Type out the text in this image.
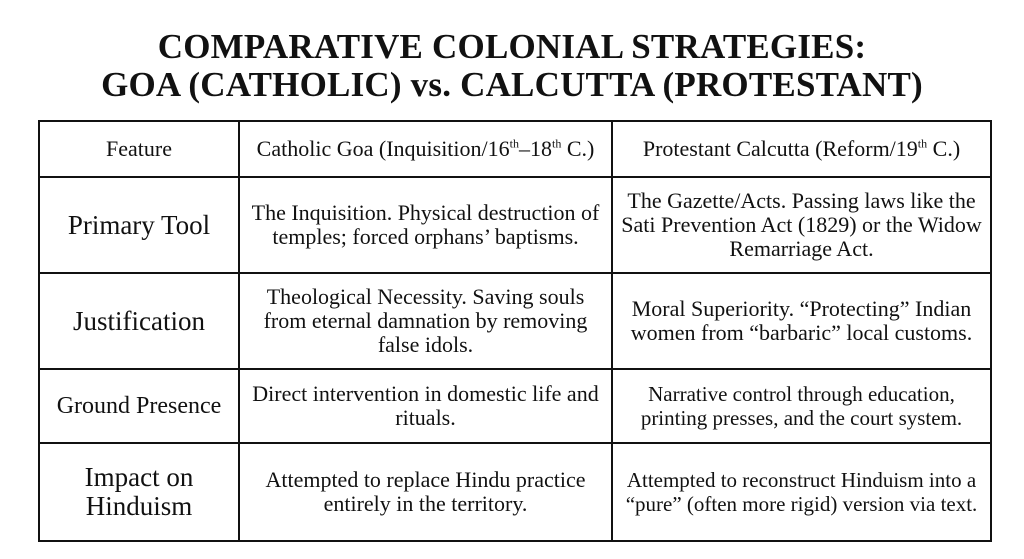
COMPARATIVE COLONIAL STRATEGIES:
GOA (CATHOLIC) vs. CALCUTTA (PROTESTANT)
Feature	Catholic Goa (Inquisition/16th–18th C.)	Protestant Calcutta (Reform/19th C.)
Primary Tool	The Inquisition. Physical destruction of temples; forced orphans’ baptisms.	The Gazette/Acts. Passing laws like the Sati Prevention Act (1829) or the Widow Remarriage Act.
Justification	Theological Necessity. Saving souls from eternal damnation by removing false idols.	Moral Superiority. “Protecting” Indian women from “barbaric” local customs.
Ground Presence	Direct intervention in domestic life and rituals.	Narrative control through education, printing presses, and the court system.
Impact on Hinduism	Attempted to replace Hindu practice entirely in the territory.	Attempted to reconstruct Hinduism into a “pure” (often more rigid) version via text.
